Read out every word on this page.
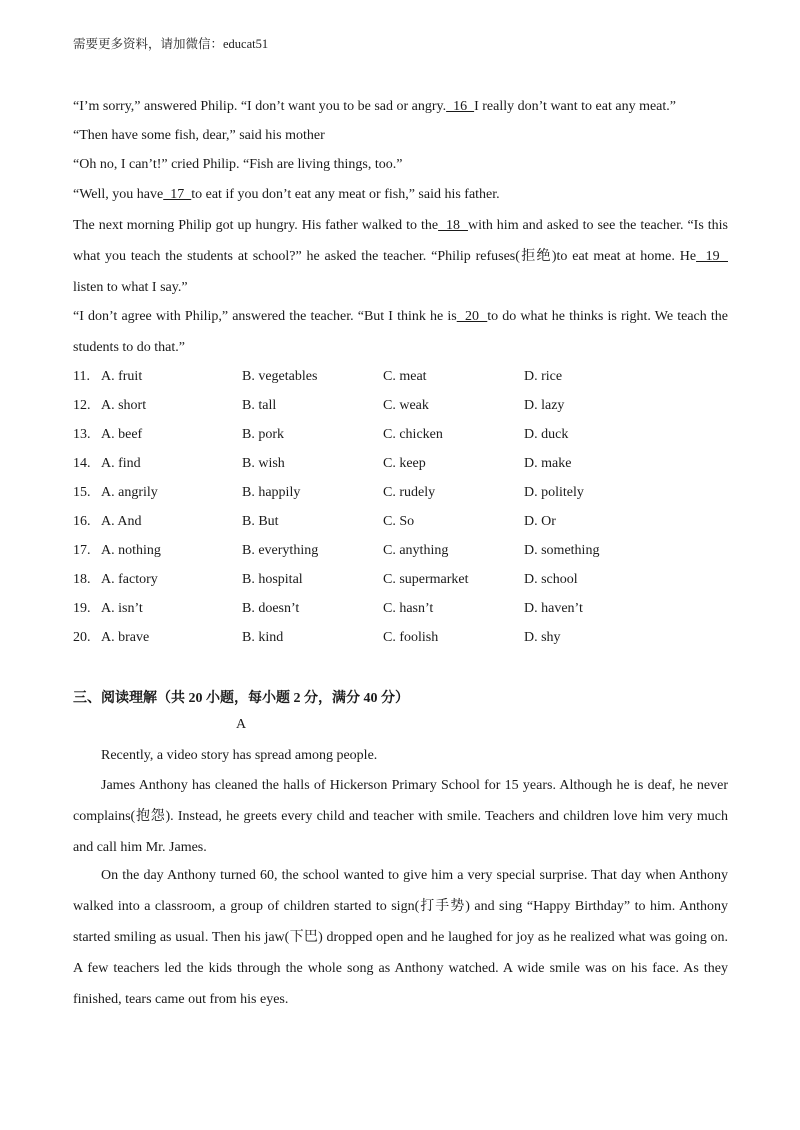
需要更多资料，请加微信：educat51
“I’m sorry,” answered Philip. “I don’t want you to be sad or angry.  16  I really don’t want to eat any meat.”
“Then have some fish, dear,” said his mother
“Oh no, I can’t!” cried Philip. “Fish are living things, too.”
“Well, you have  17  to eat if you don’t eat any meat or fish,” said his father.
The next morning Philip got up hungry. His father walked to the  18  with him and asked to see the teacher. “Is this what you teach the students at school?” he asked the teacher. “Philip refuses(拒绝)to eat meat at home. He  19   listen to what I say.”
“I don’t agree with Philip,” answered the teacher. “But I think he is  20  to do what he thinks is right. We teach the students to do that.”
11. A. fruit	B. vegetables	C. meat	D. rice
12. A. short	B. tall	C. weak	D. lazy
13. A. beef	B. pork	C. chicken	D. duck
14. A. find	B. wish	C. keep	D. make
15. A. angrily	B. happily	C. rudely	D. politely
16. A. And	B. But	C. So	D. Or
17. A. nothing	B. everything	C. anything	D. something
18. A. factory	B. hospital	C. supermarket	D. school
19. A. isn’t	B. doesn’t	C. hasn’t	D. haven’t
20. A. brave	B. kind	C. foolish	D. shy
三、阅读理解（共 20 小题，每小题 2 分，满分 40 分）
A
Recently, a video story has spread among people.
James Anthony has cleaned the halls of Hickerson Primary School for 15 years. Although he is deaf, he never complains(抱怨). Instead, he greets every child and teacher with smile. Teachers and children love him very much and call him Mr. James.
On the day Anthony turned 60, the school wanted to give him a very special surprise. That day when Anthony walked into a classroom, a group of children started to sign(打手势) and sing “Happy Birthday” to him. Anthony started smiling as usual. Then his jaw(下巴) dropped open and he laughed for joy as he realized what was going on. A few teachers led the kids through the whole song as Anthony watched. A wide smile was on his face. As they finished, tears came out from his eyes.
